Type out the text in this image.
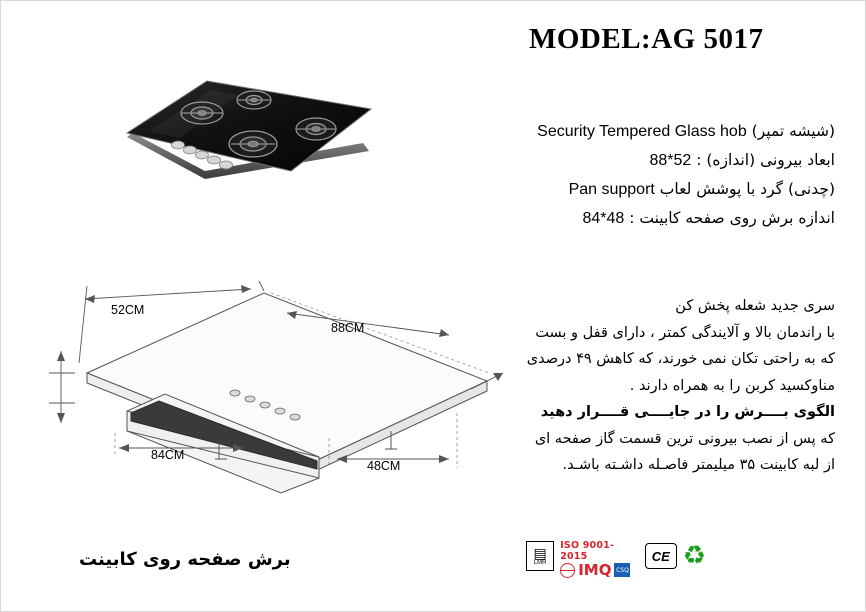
MODEL:AG 5017
(شیشه تمپر) Security Tempered Glass hob
ابعاد بیرونی (اندازه) : 88*52
(چدنی) گرد با پوشش لعاب Pan support
اندازه برش روی صفحه کابینت : 84*48
سری جدید شعله پخش کن
با راندمان بالا و آلایندگی کمتر ، دارای قفل و بست
که به راحتی تکان نمی خورند، که کاهش ۴۹ درصدی
مناوکسید کربن را به همراه دارند .
الگوی بــــرش را در جایــــی قــــرار دهید
که پس از نصب بیرونی ترین قسمت گاز صفحه ای
از لبه کابینت ۳۵ میلیمتر فاصـله داشـته باشـد.
52CM
88CM
84CM
48CM
برش صفحه روی کابینت	▤
LMR
ISO 9001- 2015
IMQ CSQ
CE ♻
